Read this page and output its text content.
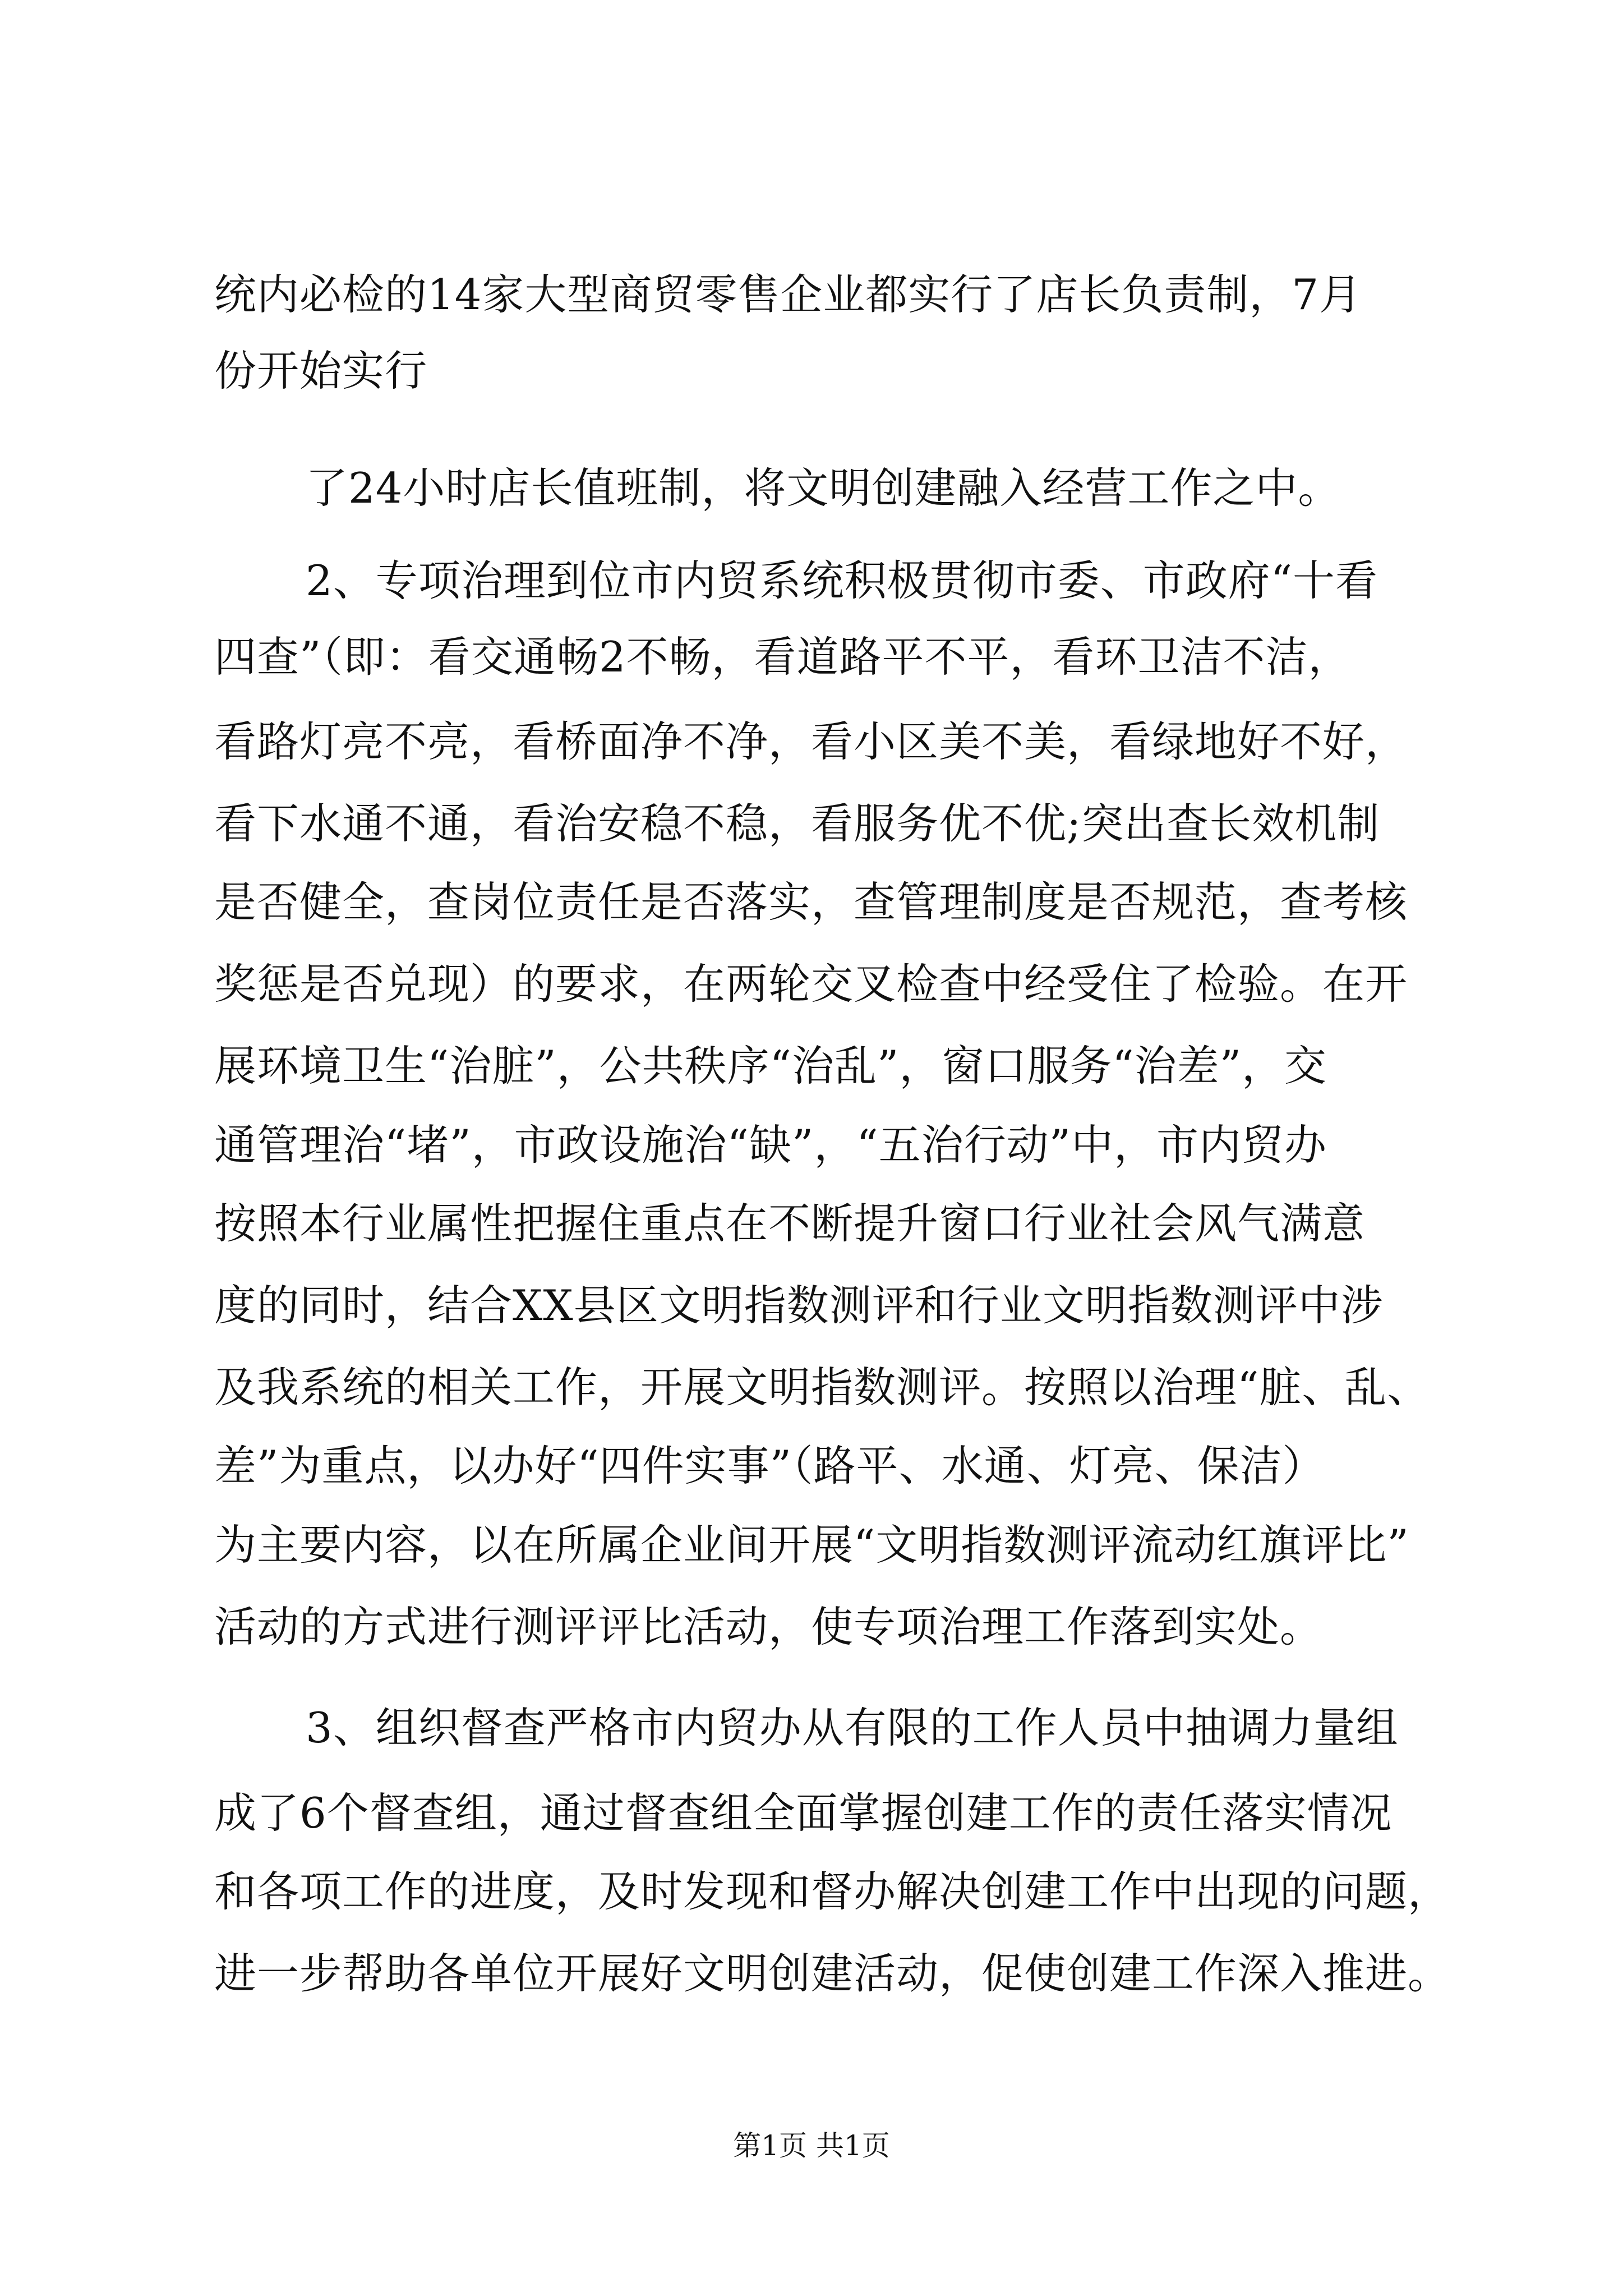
统内必检的14家大型商贸零售企业都实行了店长负责制，7月
份开始实行
了24小时店长值班制，将文明创建融入经营工作之中。
2、专项治理到位市内贸系统积极贯彻市委、市政府“十看
四查”（即：看交通畅2不畅，看道路平不平，看环卫洁不洁，
看路灯亮不亮，看桥面净不净，看小区美不美，看绿地好不好，
看下水通不通，看治安稳不稳，看服务优不优;突出查长效机制
是否健全，查岗位责任是否落实，查管理制度是否规范，查考核
奖惩是否兑现）的要求，在两轮交叉检查中经受住了检验。在开
展环境卫生“治脏”，公共秩序“治乱”，窗口服务“治差”，交
通管理治“堵”，市政设施治“缺”，“五治行动”中，市内贸办
按照本行业属性把握住重点在不断提升窗口行业社会风气满意
度的同时，结合XX县区文明指数测评和行业文明指数测评中涉
及我系统的相关工作，开展文明指数测评。按照以治理“脏、乱、
差”为重点，以办好“四件实事”（路平、水通、灯亮、保洁）
为主要内容，以在所属企业间开展“文明指数测评流动红旗评比”
活动的方式进行测评评比活动，使专项治理工作落到实处。
3、组织督查严格市内贸办从有限的工作人员中抽调力量组
成了6个督查组，通过督查组全面掌握创建工作的责任落实情况
和各项工作的进度，及时发现和督办解决创建工作中出现的问题，
进一步帮助各单位开展好文明创建活动，促使创建工作深入推进。
第1页 共1页
